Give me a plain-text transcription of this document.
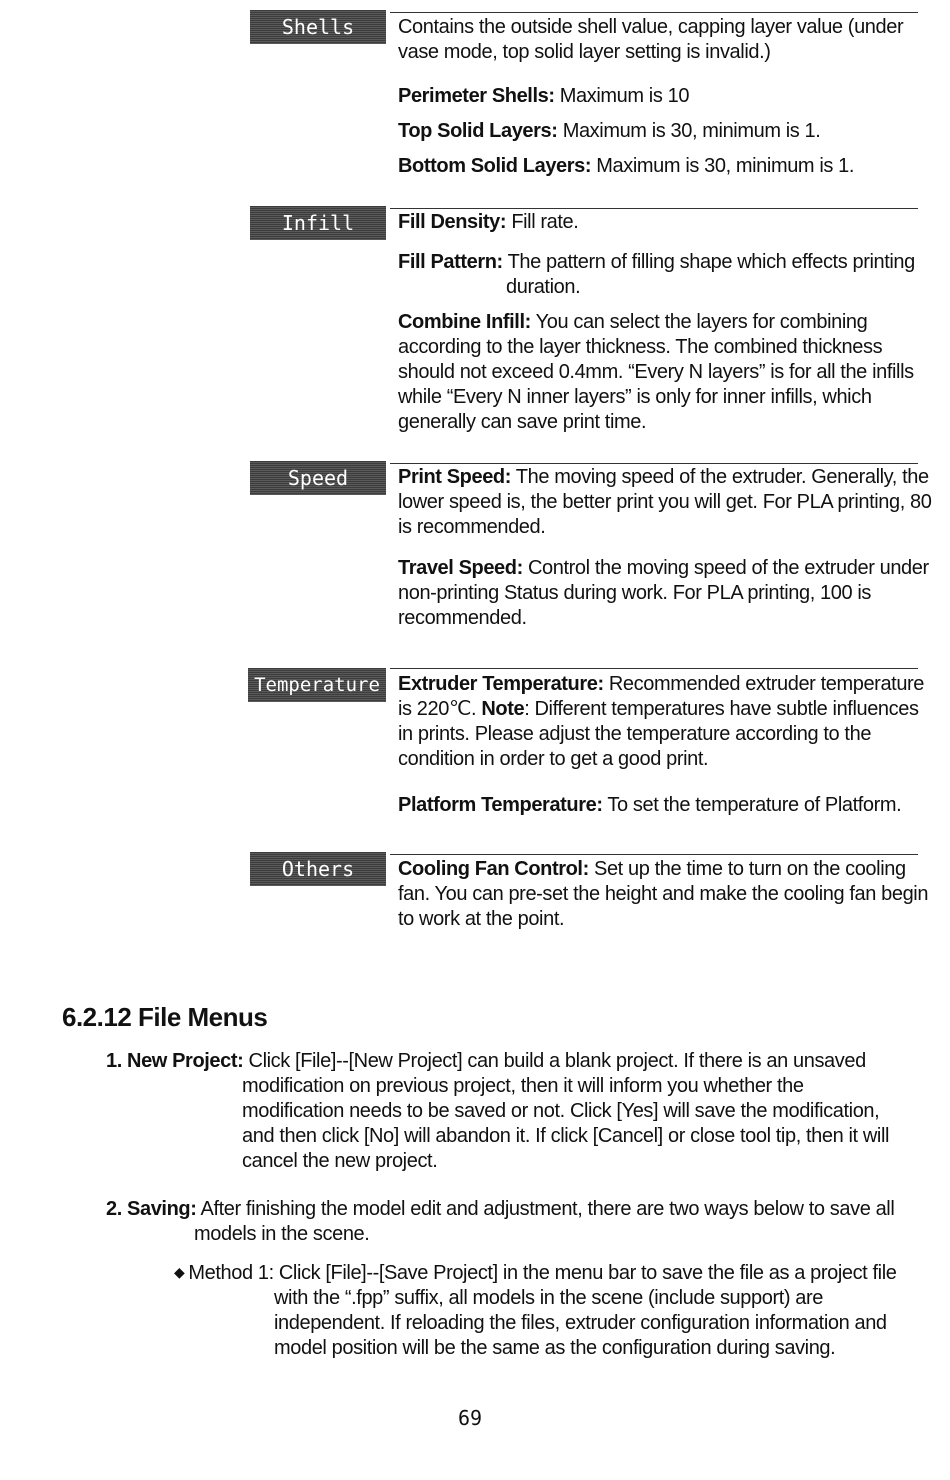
Shells	Contains the outside shell value, capping layer value (under vase mode, top solid layer setting is invalid.)
Perimeter Shells: Maximum is 10
Top Solid Layers: Maximum is 30, minimum is 1.
Bottom Solid Layers: Maximum is 30, minimum is 1.
Infill	Fill Density: Fill rate.
Fill Pattern: The pattern of filling shape which effects printing
duration.
Combine Infill: You can select the layers for combining according to the layer thickness. The combined thickness should not exceed 0.4mm. “Every N layers” is for all the infills while “Every N inner layers” is only for inner infills, which generally can save print time.
Speed	Print Speed: The moving speed of the extruder. Generally, the lower speed is, the better print you will get. For PLA printing, 80 is recommended.
Travel Speed: Control the moving speed of the extruder under non-printing Status during work. For PLA printing, 100 is recommended.
Temperature Extruder Temperature: Recommended extruder temperature is 220℃. Note: Different temperatures have subtle influences in prints. Please adjust the temperature according to the condition in order to get a good print.
Platform Temperature: To set the temperature of Platform.
Others	Cooling Fan Control: Set up the time to turn on the cooling fan. You can pre-set the height and make the cooling fan begin to work at the point.
6.2.12 File Menus
1. New Project: Click [File]--[New Project] can build a blank project. If there is an unsaved
modification on previous project, then it will inform you whether the modification needs to be saved or not. Click [Yes] will save the modification, and then click [No] will abandon it. If click [Cancel] or close tool tip, then it will cancel the new project.
2. Saving: After finishing the model edit and adjustment, there are two ways below to save all
models in the scene.
◆ Method 1: Click [File]--[Save Project] in the menu bar to save the file as a project file
with the “.fpp” suffix, all models in the scene (include support) are independent. If reloading the files, extruder configuration information and model position will be the same as the configuration during saving.
69
